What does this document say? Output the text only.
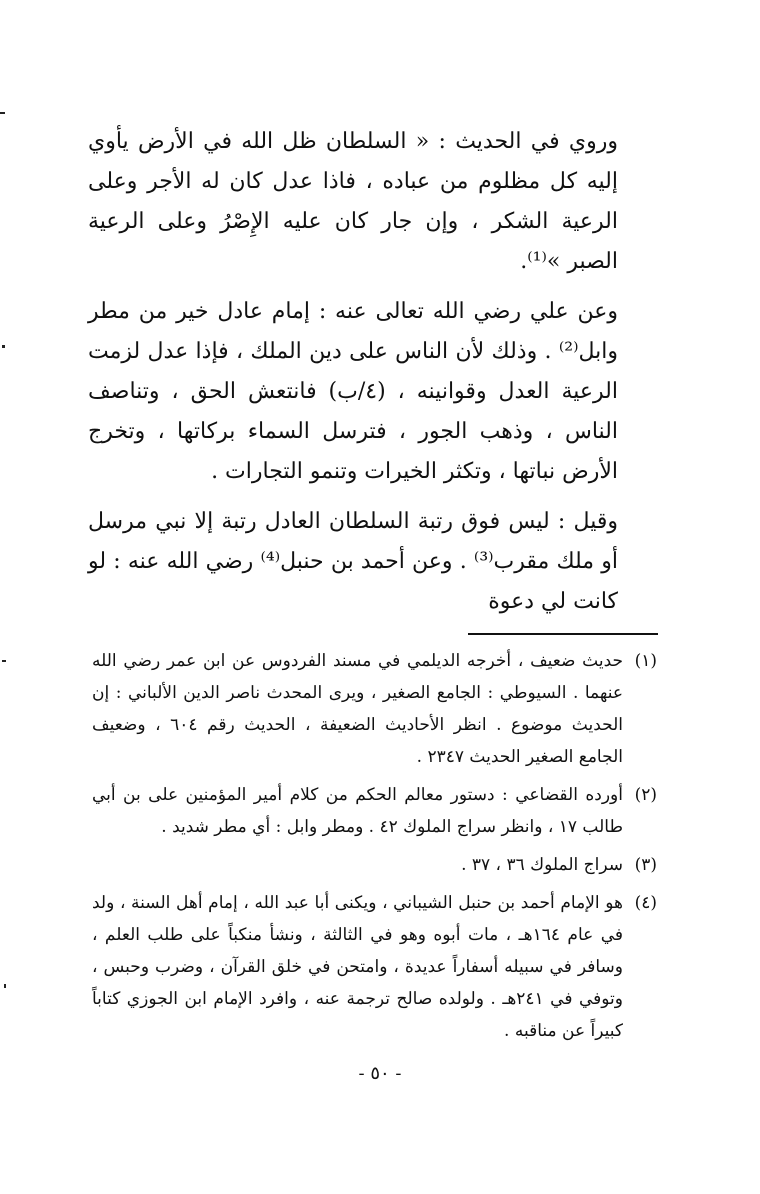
وروي في الحديث : « السلطان ظل الله في الأرض يأوي إليه كل مظلوم من عباده ، فاذا عدل كان له الأجر وعلى الرعية الشكر ، وإن جار كان عليه الإِصْرُ وعلى الرعية الصبر »⁽¹⁾.

وعن علي رضي الله تعالى عنه : إمام عادل خير من مطر وابل⁽²⁾ . وذلك لأن الناس على دين الملك ، فإذا عدل لزمت الرعية العدل وقوانينه ، (٤/ب) فانتعش الحق ، وتناصف الناس ، وذهب الجور ، فترسل السماء بركاتها ، وتخرج الأرض نباتها ، وتكثر الخيرات وتنمو التجارات .

وقيل : ليس فوق رتبة السلطان العادل رتبة إلا نبي مرسل أو ملك مقرب⁽³⁾ . وعن أحمد بن حنبل⁽⁴⁾ رضي الله عنه : لو كانت لي دعوة

(١)
حديث ضعيف ، أخرجه الديلمي في مسند الفردوس عن ابن عمر رضي الله عنهما . السيوطي : الجامع الصغير ، ويرى المحدث ناصر الدين الألباني : إن الحديث موضوع . انظر الأحاديث الضعيفة ، الحديث رقم ٦٠٤ ، وضعيف الجامع الصغير الحديث ٢٣٤٧ .
(٢)
أورده القضاعي : دستور معالم الحكم من كلام أمير المؤمنين على بن أبي طالب ١٧ ، وانظر سراج الملوك ٤٢ . ومطر وابل : أي مطر شديد .
(٣)
سراج الملوك ٣٦ ، ٣٧ .
(٤)
هو الإمام أحمد بن حنبل الشيباني ، ويكنى أبا عبد الله ، إمام أهل السنة ، ولد في عام ١٦٤هـ ، مات أبوه وهو في الثالثة ، ونشأ منكباً على طلب العلم ، وسافر في سبيله أسفاراً عديدة ، وامتحن في خلق القرآن ، وضرب وحبس ، وتوفي في ٢٤١هـ . ولولده صالح ترجمة عنه ، وافرد الإمام ابن الجوزي كتاباً كبيراً عن مناقبه .
- ٥٠ -
